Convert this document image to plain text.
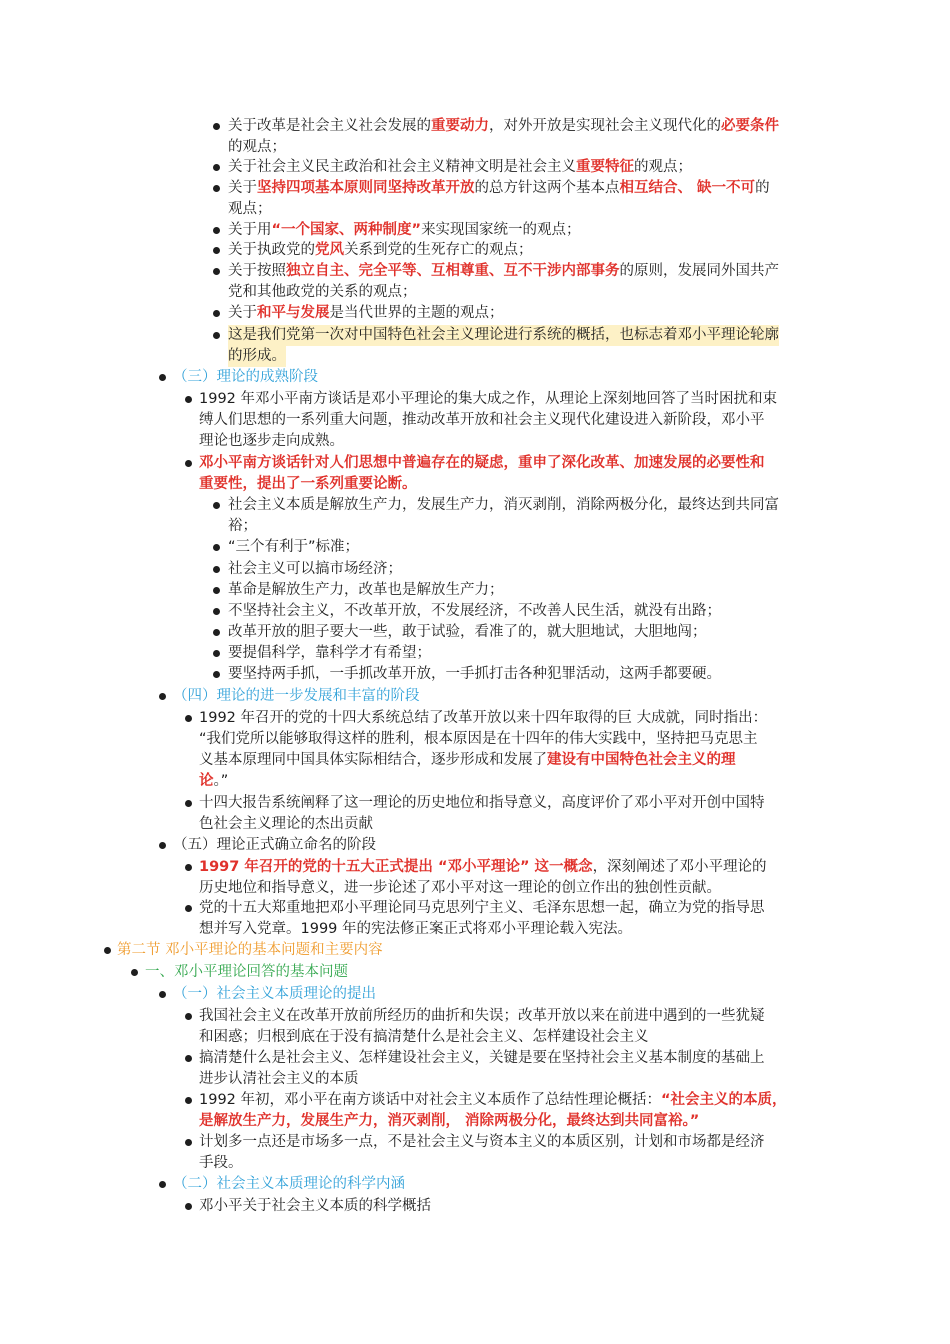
关于改革是社会主义社会发展的重要动力，对外开放是实现社会主义现代化的必要条件
的观点；
关于社会主义民主政治和社会主义精神文明是社会主义重要特征的观点；
关于坚持四项基本原则同坚持改革开放的总方针这两个基本点相互结合、 缺一不可的
观点；
关于用“一个国家、两种制度”来实现国家统一的观点；
关于执政党的党风关系到党的生死存亡的观点；
关于按照独立自主、完全平等、互相尊重、互不干涉内部事务的原则，发展同外国共产
党和其他政党的关系的观点；
关于和平与发展是当代世界的主题的观点；
这是我们党第一次对中国特色社会主义理论进行系统的概括，也标志着邓小平理论轮廓
的形成。
（三）理论的成熟阶段
1992 年邓小平南方谈话是邓小平理论的集大成之作，从理论上深刻地回答了当时困扰和束
缚人们思想的一系列重大问题，推动改革开放和社会主义现代化建设进入新阶段，邓小平
理论也逐步走向成熟。
邓小平南方谈话针对人们思想中普遍存在的疑虑，重申了深化改革、加速发展的必要性和
重要性，提出了一系列重要论断。
社会主义本质是解放生产力，发展生产力，消灭剥削，消除两极分化，最终达到共同富
裕；
“三个有利于”标准；
社会主义可以搞市场经济；
革命是解放生产力，改革也是解放生产力；
不坚持社会主义，不改革开放，不发展经济，不改善人民生活，就没有出路；
改革开放的胆子要大一些，敢于试验，看准了的，就大胆地试，大胆地闯；
要提倡科学，靠科学才有希望；
要坚持两手抓，一手抓改革开放，一手抓打击各种犯罪活动，这两手都要硬。
（四）理论的进一步发展和丰富的阶段
1992 年召开的党的十四大系统总结了改革开放以来十四年取得的巨 大成就，同时指出：
“我们党所以能够取得这样的胜利，根本原因是在十四年的伟大实践中，坚持把马克思主
义基本原理同中国具体实际相结合，逐步形成和发展了建设有中国特色社会主义的理
论。”
十四大报告系统阐释了这一理论的历史地位和指导意义，高度评价了邓小平对开创中国特
色社会主义理论的杰出贡献
（五）理论正式确立命名的阶段
1997 年召开的党的十五大正式提出 “邓小平理论” 这一概念，深刻阐述了邓小平理论的
历史地位和指导意义，进一步论述了邓小平对这一理论的创立作出的独创性贡献。
党的十五大郑重地把邓小平理论同马克思列宁主义、毛泽东思想一起，确立为党的指导思
想并写入党章。1999 年的宪法修正案正式将邓小平理论载入宪法。
第二节 邓小平理论的基本问题和主要内容
一、邓小平理论回答的基本问题
（一）社会主义本质理论的提出
我国社会主义在改革开放前所经历的曲折和失误；改革开放以来在前进中遇到的一些犹疑
和困惑；归根到底在于没有搞清楚什么是社会主义、怎样建设社会主义
搞清楚什么是社会主义、怎样建设社会主义，关键是要在坚持社会主义基本制度的基础上
进步认清社会主义的本质
1992 年初，邓小平在南方谈话中对社会主义本质作了总结性理论概括：“社会主义的本质，
是解放生产力，发展生产力，消灭剥削， 消除两极分化，最终达到共同富裕。”
计划多一点还是市场多一点，不是社会主义与资本主义的本质区别，计划和市场都是经济
手段。
（二）社会主义本质理论的科学内涵
邓小平关于社会主义本质的科学概括
